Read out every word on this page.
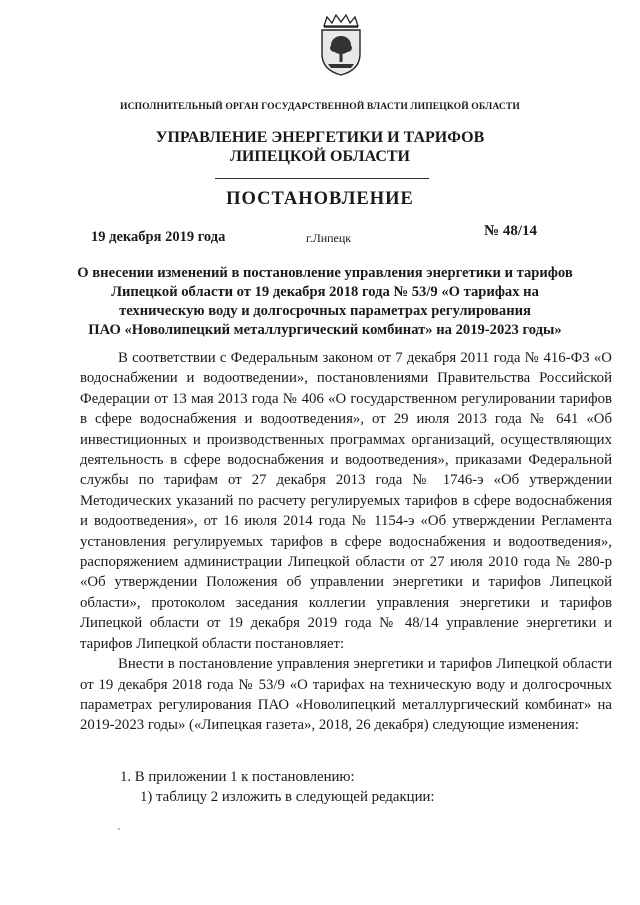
ИСПОЛНИТЕЛЬНЫЙ ОРГАН ГОСУДАРСТВЕННОЙ ВЛАСТИ ЛИПЕЦКОЙ ОБЛАСТИ
УПРАВЛЕНИЕ ЭНЕРГЕТИКИ И ТАРИФОВ
ЛИПЕЦКОЙ ОБЛАСТИ
ПОСТАНОВЛЕНИЕ
19 декабря 2019 года	г.Липецк	№ 48/14
О внесении изменений в постановление управления энергетики и тарифов
Липецкой области от 19 декабря 2018 года № 53/9 «О тарифах на
техническую воду и долгосрочных параметрах регулирования
ПАО «Новолипецкий металлургический комбинат» на 2019-2023 годы»

В соответствии с Федеральным законом от 7 декабря 2011 года № 416-ФЗ «О водоснабжении и водоотведении», постановлениями Правительства Российской Федерации от 13 мая 2013 года № 406 «О государственном регулировании тарифов в сфере водоснабжения и водоотведения», от 29 июля 2013 года № 641 «Об инвестиционных и производственных программах организаций, осуществляющих деятельность в сфере водоснабжения и водоотведения», приказами Федеральной службы по тарифам от 27 декабря 2013 года № 1746-э «Об утверждении Методических указаний по расчету регулируемых тарифов в сфере водоснабжения и водоотведения», от 16 июля 2014 года № 1154-э «Об утверждении Регламента установления регулируемых тарифов в сфере водоснабжения и водоотведения», распоряжением администрации Липецкой области от 27 июля 2010 года № 280-р «Об утверждении Положения об управлении энергетики и тарифов Липецкой области», протоколом заседания коллегии управления энергетики и тарифов Липецкой области от 19 декабря 2019 года № 48/14 управление энергетики и тарифов Липецкой области постановляет:

Внести в постановление управления энергетики и тарифов Липецкой области от 19 декабря 2018 года № 53/9 «О тарифах на техническую воду и долгосрочных параметрах регулирования ПАО «Новолипецкий металлургический комбинат» на 2019-2023 годы» («Липецкая газета», 2018, 26 декабря) следующие изменения:

1. В приложении 1 к постановлению:
1) таблицу 2 изложить в следующей редакции:
